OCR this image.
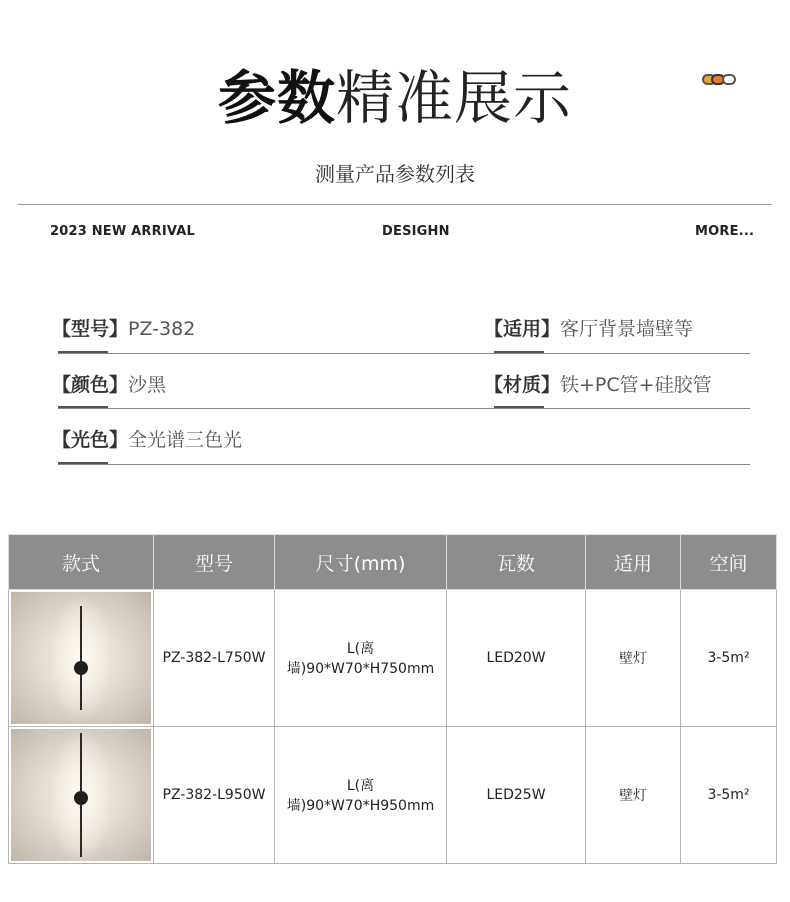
参数精准展示
测量产品参数列表
2023 NEW ARRIVAL	DESIGHN	MORE...
【型号】PZ-382	【适用】客厅背景墙壁等
【颜色】沙黑	【材质】铁+PC管+硅胶管
【光色】全光谱三色光
款式	型号	尺寸(mm)	瓦数	适用	空间

	PZ-382-L750W	L(离墙)90*W70*H750mm	LED20W	壁灯	3-5m²

	PZ-382-L950W	L(离墙)90*W70*H950mm	LED25W	壁灯	3-5m²
